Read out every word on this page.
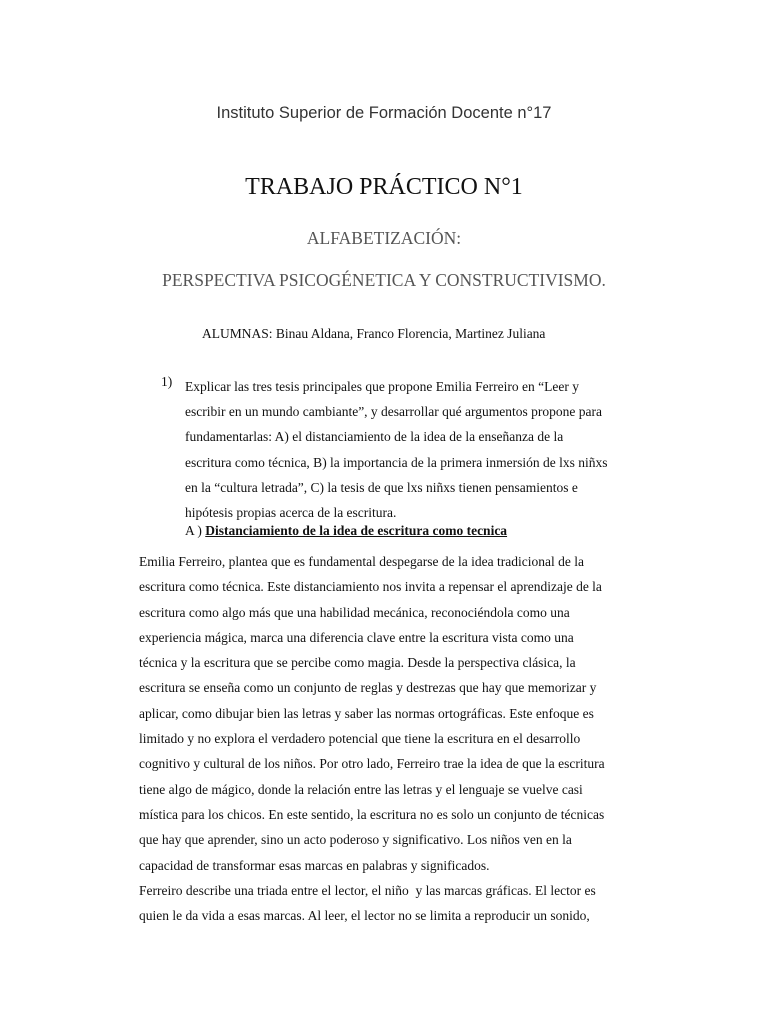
Instituto Superior de Formación Docente n°17
TRABAJO PRÁCTICO N°1
ALFABETIZACIÓN:
PERSPECTIVA PSICOGÉNETICA Y CONSTRUCTIVISMO.
ALUMNAS: Binau Aldana, Franco Florencia, Martinez Juliana
1) Explicar las tres tesis principales que propone Emilia Ferreiro en “Leer y
escribir en un mundo cambiante”, y desarrollar qué argumentos propone para
fundamentarlas: A) el distanciamiento de la idea de la enseñanza de la
escritura como técnica, B) la importancia de la primera inmersión de lxs niñxs
en la “cultura letrada”, C) la tesis de que lxs niñxs tienen pensamientos e
hipótesis propias acerca de la escritura.
A ) Distanciamiento de la idea de escritura como tecnica
Emilia Ferreiro, plantea que es fundamental despegarse de la idea tradicional de la
escritura como técnica. Este distanciamiento nos invita a repensar el aprendizaje de la
escritura como algo más que una habilidad mecánica, reconociéndola como una
experiencia mágica, marca una diferencia clave entre la escritura vista como una
técnica y la escritura que se percibe como magia. Desde la perspectiva clásica, la
escritura se enseña como un conjunto de reglas y destrezas que hay que memorizar y
aplicar, como dibujar bien las letras y saber las normas ortográficas. Este enfoque es
limitado y no explora el verdadero potencial que tiene la escritura en el desarrollo
cognitivo y cultural de los niños. Por otro lado, Ferreiro trae la idea de que la escritura
tiene algo de mágico, donde la relación entre las letras y el lenguaje se vuelve casi
mística para los chicos. En este sentido, la escritura no es solo un conjunto de técnicas
que hay que aprender, sino un acto poderoso y significativo. Los niños ven en la
capacidad de transformar esas marcas en palabras y significados.
Ferreiro describe una triada entre el lector, el niño  y las marcas gráficas. El lector es
quien le da vida a esas marcas. Al leer, el lector no se limita a reproducir un sonido,
